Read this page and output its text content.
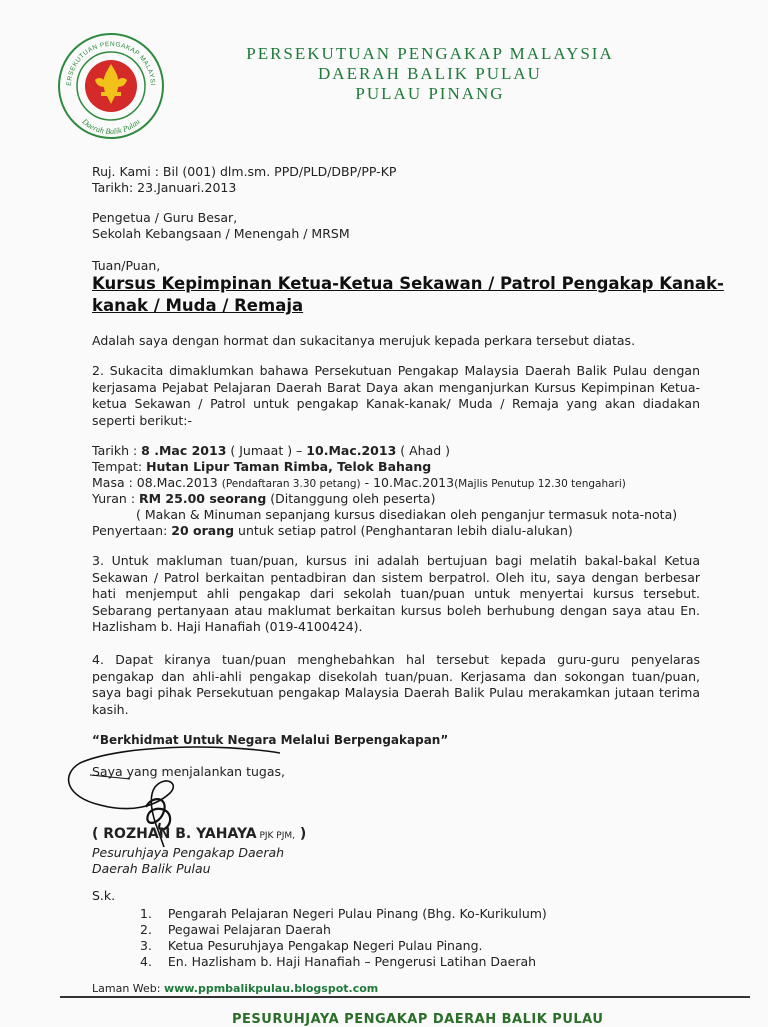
ERSEKUTUAN PENGAKAP MALAYSI
Daerah Balik Pulau
PERSEKUTUAN PENGAKAP MALAYSIA
DAERAH BALIK PULAU
PULAU PINANG
Ruj. Kami : Bil (001) dlm.sm. PPD/PLD/DBP/PP-KP
Tarikh: 23.Januari.2013
Pengetua / Guru Besar,
Sekolah Kebangsaan / Menengah / MRSM
Tuan/Puan,
Kursus Kepimpinan Ketua-Ketua Sekawan / Patrol Pengakap Kanak-
kanak / Muda / Remaja
Adalah saya dengan hormat dan sukacitanya merujuk kepada perkara tersebut diatas.
2. Sukacita dimaklumkan bahawa Persekutuan Pengakap Malaysia Daerah Balik Pulau dengan kerjasama Pejabat Pelajaran Daerah Barat Daya akan menganjurkan Kursus Kepimpinan Ketua-ketua Sekawan / Patrol untuk pengakap Kanak-kanak/ Muda / Remaja yang akan diadakan seperti berikut:-
Tarikh : 8 .Mac 2013 ( Jumaat ) – 10.Mac.2013 ( Ahad )
Tempat: Hutan Lipur Taman Rimba, Telok Bahang
Masa : 08.Mac.2013 (Pendaftaran 3.30 petang) - 10.Mac.2013(Majlis Penutup 12.30 tengahari)
Yuran : RM 25.00 seorang (Ditanggung oleh peserta)
( Makan & Minuman sepanjang kursus disediakan oleh penganjur termasuk nota-nota)
Penyertaan: 20 orang untuk setiap patrol (Penghantaran lebih dialu-alukan)
3. Untuk makluman tuan/puan, kursus ini adalah bertujuan bagi melatih bakal-bakal Ketua Sekawan / Patrol berkaitan pentadbiran dan sistem berpatrol. Oleh itu, saya dengan berbesar hati menjemput ahli pengakap dari sekolah tuan/puan untuk menyertai kursus tersebut. Sebarang pertanyaan atau maklumat berkaitan kursus boleh berhubung dengan saya atau En. Hazlisham b. Haji Hanafiah (019-4100424).
4. Dapat kiranya tuan/puan menghebahkan hal tersebut kepada guru-guru penyelaras pengakap dan ahli-ahli pengakap disekolah tuan/puan. Kerjasama dan sokongan tuan/puan, saya bagi pihak Persekutuan pengakap Malaysia Daerah Balik Pulau merakamkan jutaan terima kasih.
“Berkhidmat Untuk Negara Melalui Berpengakapan”
Saya yang menjalankan tugas,
( ROZHAN B. YAHAYA PJK PJM, )
Pesuruhjaya Pengakap Daerah
Daerah Balik Pulau
S.k.
1.    Pengarah Pelajaran Negeri Pulau Pinang (Bhg. Ko-Kurikulum)
2.    Pegawai Pelajaran Daerah
3.    Ketua Pesuruhjaya Pengakap Negeri Pulau Pinang.
4.    En. Hazlisham b. Haji Hanafiah – Pengerusi Latihan Daerah
Laman Web: www.ppmbalikpulau.blogspot.com
PESURUHJAYA PENGAKAP DAERAH BALIK PULAU
